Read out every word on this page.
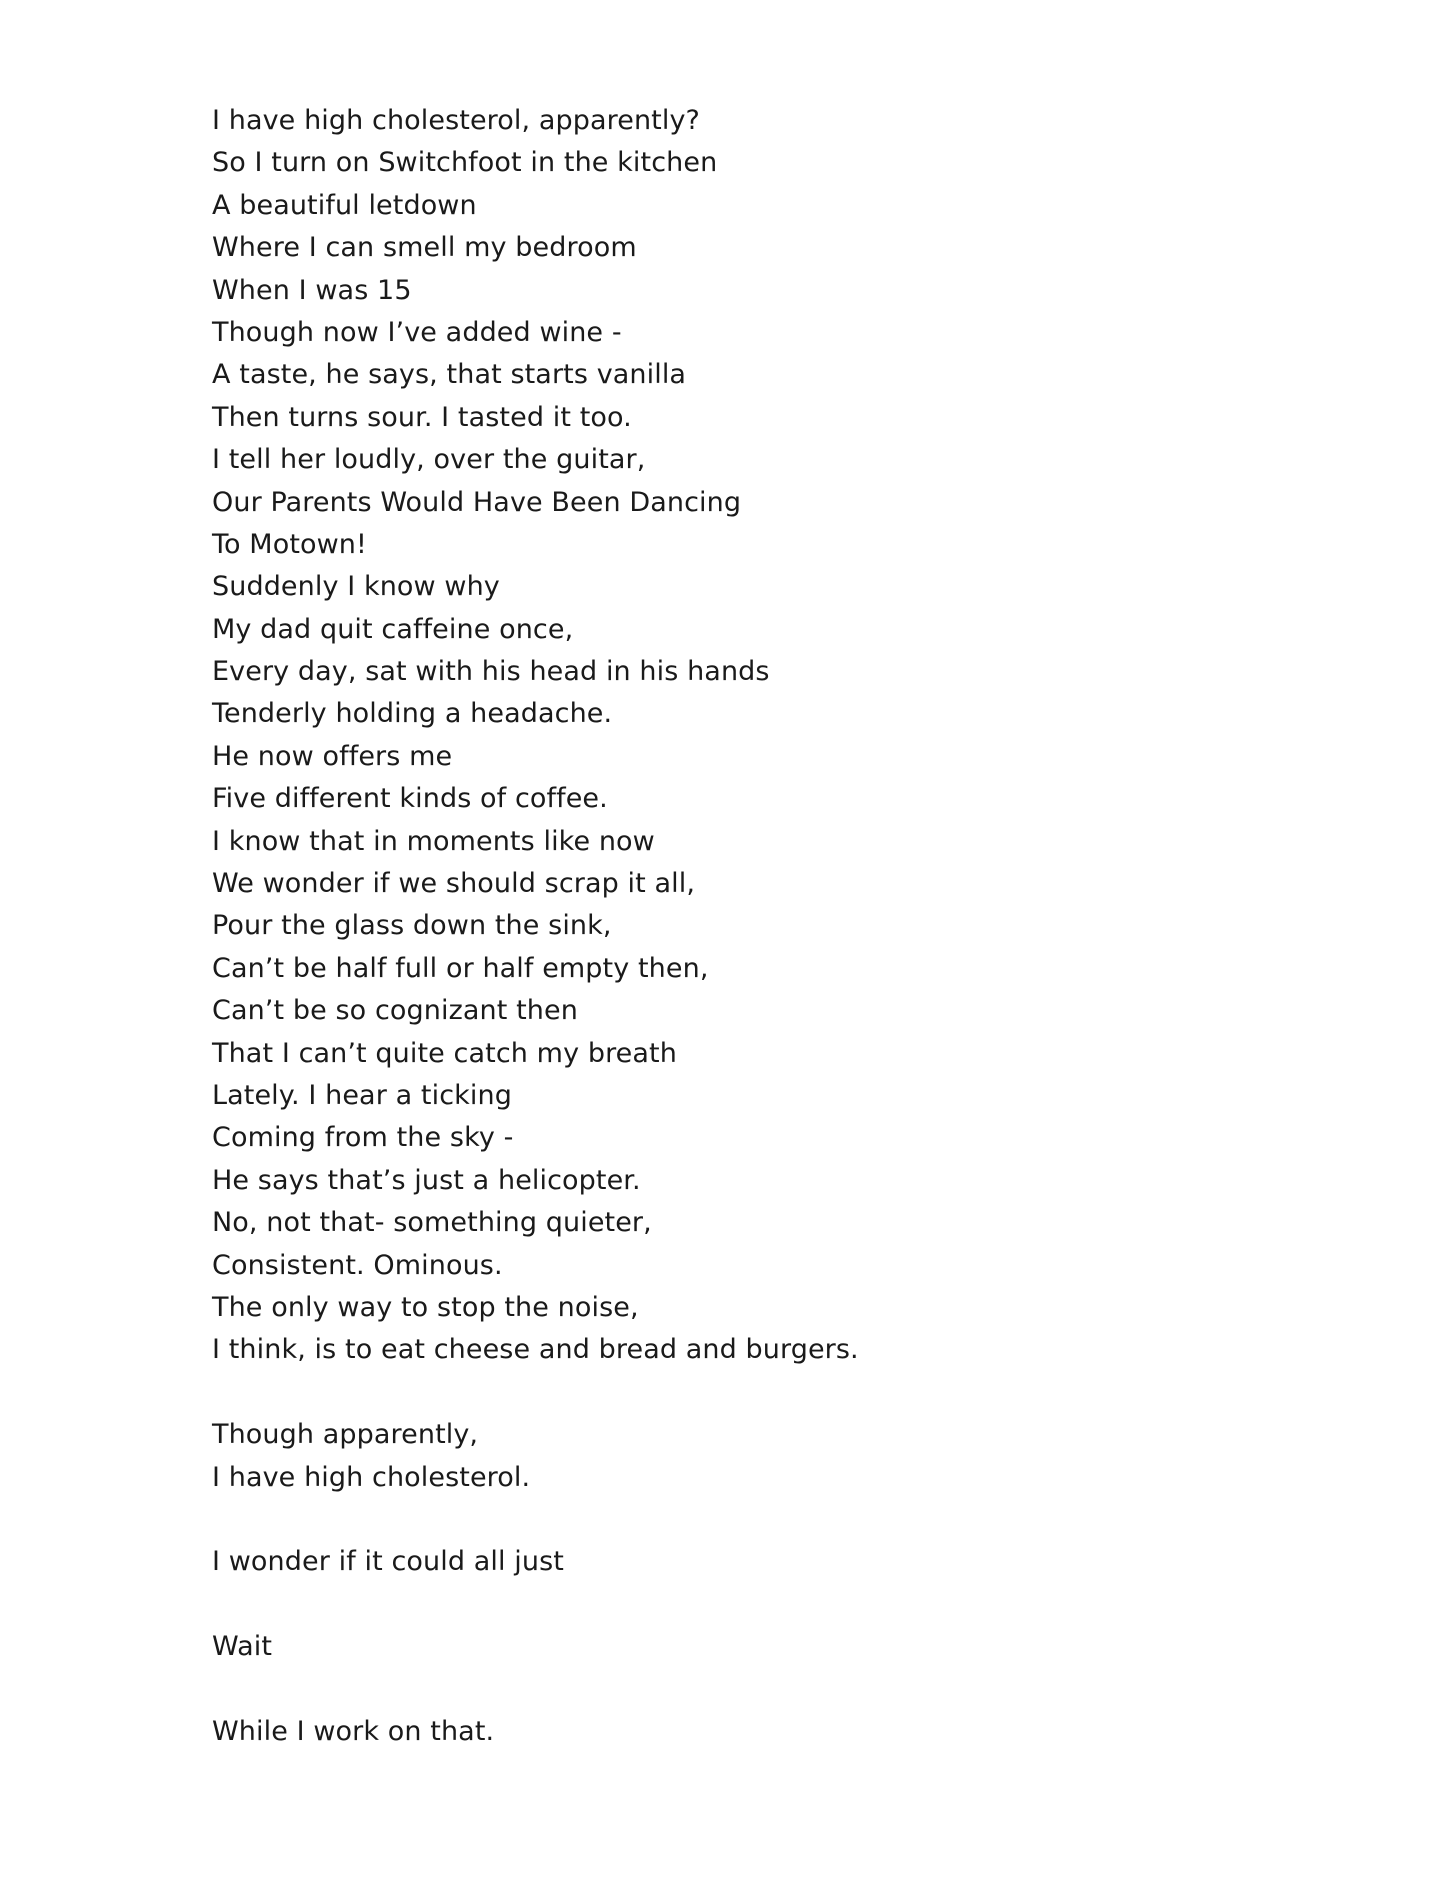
I have high cholesterol, apparently?
So I turn on Switchfoot in the kitchen
A beautiful letdown
Where I can smell my bedroom
When I was 15
Though now I’ve added wine -
A taste, he says, that starts vanilla
Then turns sour. I tasted it too.
I tell her loudly, over the guitar,
Our Parents Would Have Been Dancing
To Motown!
Suddenly I know why
My dad quit caffeine once,
Every day, sat with his head in his hands
Tenderly holding a headache.
He now offers me
Five different kinds of coffee.
I know that in moments like now
We wonder if we should scrap it all,
Pour the glass down the sink,
Can’t be half full or half empty then,
Can’t be so cognizant then
That I can’t quite catch my breath
Lately. I hear a ticking
Coming from the sky -
He says that’s just a helicopter.
No, not that- something quieter,
Consistent. Ominous.
The only way to stop the noise,
I think, is to eat cheese and bread and burgers.
Though apparently,
I have high cholesterol.
I wonder if it could all just
Wait
While I work on that.
